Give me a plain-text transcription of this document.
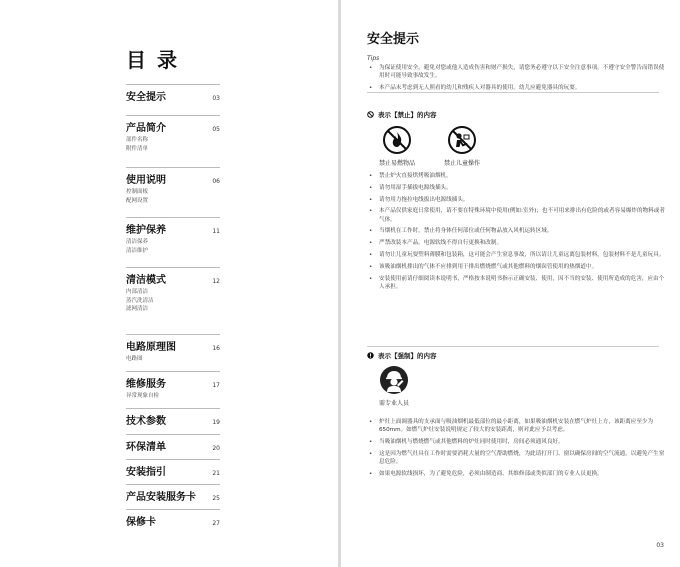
目 录
安全提示	03
产品简介	05
部件名称
附件清单
使用说明	06
控制面板
配网设置
维护保养	11
清洁保养
清洁维护
清洁模式	12
内部清洁
蒸汽洗清洁
滤网清洁
电路原理图	16
电路图
维修服务	17
异常现象自检
技术参数	19
环保清单	20
安装指引	21
产品安装服务卡	25
保修卡	27
安全提示
Tips
• 为保证使用安全，避免对您或他人造成伤害和财产损失，请您务必遵守以下安全注意事项。不遵守安全警告而错误使用时可能导致事故发生。
• 本产品未考虑到无人照看的幼儿和残疾人对器具的使用。幼儿应避免器具的玩耍。
表示【禁止】的内容
禁止易燃物品	禁止儿童操作
• 禁止炉火直接烘烤吸油烟机。
• 请勿用湿手插拔电源线插头。
• 请勿用力拖拉电线拔出电源线插头。
• 本产品仅供家庭日常使用，请不要在特殊环境中使用(例如:室外)；也不可用来排出有危险的或者容易爆炸的物料或者气体。
• 当烟机在工作时，禁止将身体任何部位或任何物品放入风机运转区域。
• 严禁改装本产品，电源软线不得自行更换和改制。
• 请勿让儿童玩耍塑料薄膜和包装箱，这可能会产生窒息事故，所以请让儿童远离包装材料，包装材料不是儿童玩具。
• 该吸油烟机排出的气体不应排到用于排出燃烧燃气或其他燃料的烟囱管使用的热烟道中。
• 安装使用前请仔细阅读本说明书，严格按本说明书指示正确安装、使用，因不当的安装、使用所造成的危害，应由个人承担。
表示【强制】的内容
需专业人员
• 炉灶上面调器具的支承面与吸油烟机最低部位的最小距离，如果吸油烟机安装在燃气炉灶上方，该距离应至少为650mm。如燃气炉灶安装说明规定了较大的安装距离，则对此应予以考虑。
• 当吸油烟机与燃烧燃气或其他燃料的炉灶同时使用时，房间必须通风良好。
• 这是因为燃气灶具在工作时需要消耗大量的空气帮助燃烧，为此请打开门、窗以确保房间的空气流通，以避免产生窒息危险。
• 如果电源软线损坏，为了避免危险，必须由制造商、其维修部或类似部门的专业人员更换。
03
